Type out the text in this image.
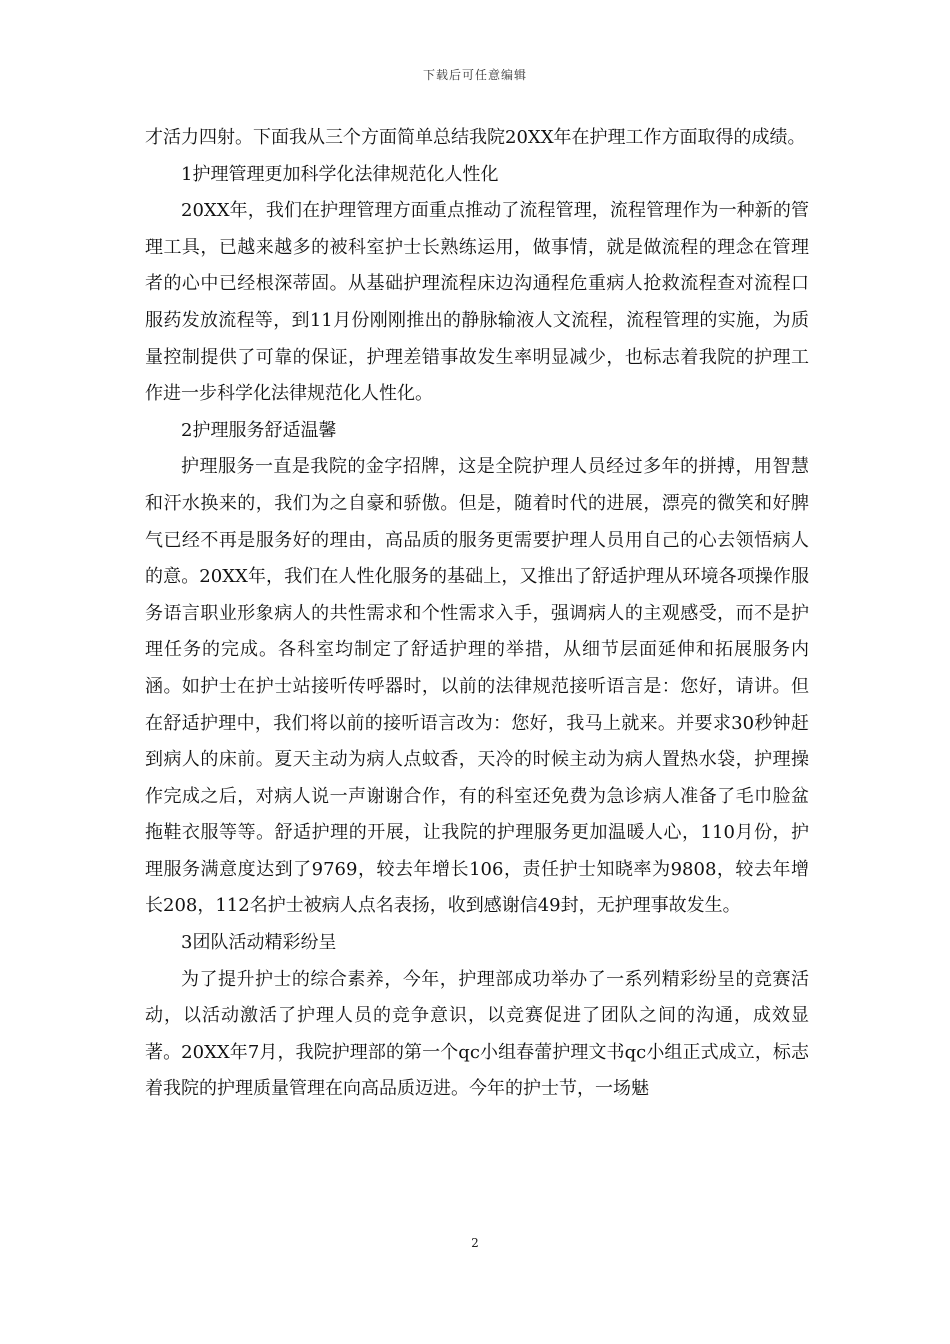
下载后可任意编辑

才活力四射。下面我从三个方面简单总结我院20XX年在护理工作方面取得的成绩。

1护理管理更加科学化法律规范化人性化

20XX年，我们在护理管理方面重点推动了流程管理，流程管理作为一种新的管理工具，已越来越多的被科室护士长熟练运用，做事情，就是做流程的理念在管理者的心中已经根深蒂固。从基础护理流程床边沟通程危重病人抢救流程查对流程口服药发放流程等，到11月份刚刚推出的静脉输液人文流程，流程管理的实施，为质量控制提供了可靠的保证，护理差错事故发生率明显减少，也标志着我院的护理工作进一步科学化法律规范化人性化。

2护理服务舒适温馨

护理服务一直是我院的金字招牌，这是全院护理人员经过多年的拼搏，用智慧和汗水换来的，我们为之自豪和骄傲。但是，随着时代的进展，漂亮的微笑和好脾气已经不再是服务好的理由，高品质的服务更需要护理人员用自己的心去领悟病人的意。20XX年，我们在人性化服务的基础上，又推出了舒适护理从环境各项操作服务语言职业形象病人的共性需求和个性需求入手，强调病人的主观感受，而不是护理任务的完成。各科室均制定了舒适护理的举措，从细节层面延伸和拓展服务内涵。如护士在护士站接听传呼器时，以前的法律规范接听语言是：您好，请讲。但在舒适护理中，我们将以前的接听语言改为：您好，我马上就来。并要求30秒钟赶到病人的床前。夏天主动为病人点蚊香，天冷的时候主动为病人置热水袋，护理操作完成之后，对病人说一声谢谢合作，有的科室还免费为急诊病人准备了毛巾脸盆拖鞋衣服等等。舒适护理的开展，让我院的护理服务更加温暖人心，110月份，护理服务满意度达到了9769，较去年增长106，责任护士知晓率为9808，较去年增长208，112名护士被病人点名表扬，收到感谢信49封，无护理事故发生。

3团队活动精彩纷呈

为了提升护士的综合素养，今年，护理部成功举办了一系列精彩纷呈的竞赛活动，以活动激活了护理人员的竞争意识，以竞赛促进了团队之间的沟通，成效显著。20XX年7月，我院护理部的第一个qc小组春蕾护理文书qc小组正式成立，标志着我院的护理质量管理在向高品质迈进。今年的护士节，一场魅

2
